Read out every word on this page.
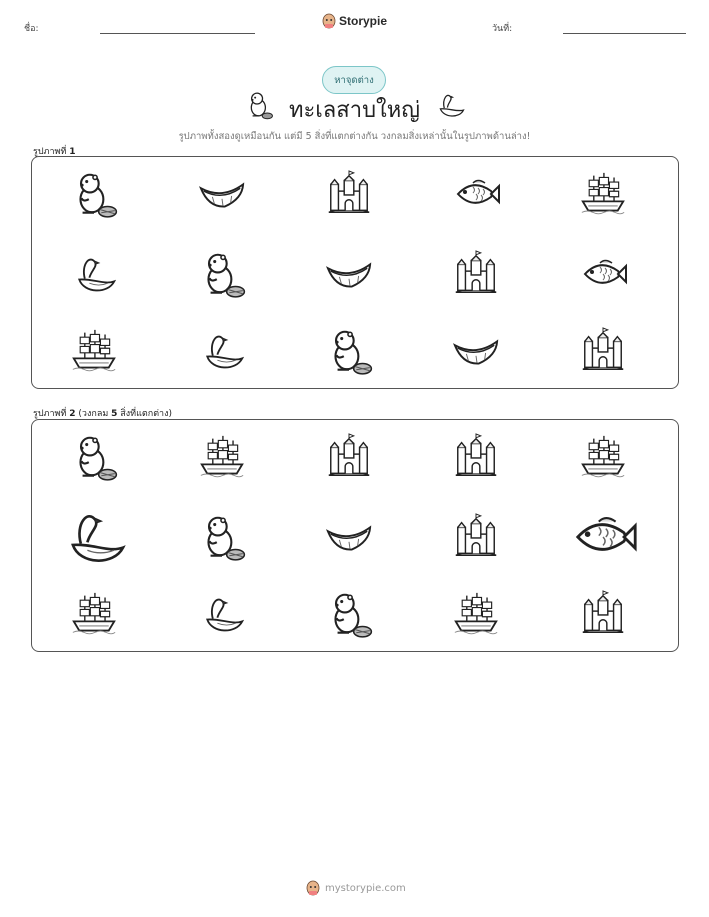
ชื่อ:
Storypie
วันที่:
หาจุดต่าง
ทะเลสาบใหญ่
รูปภาพทั้งสองดูเหมือนกัน แต่มี 5 สิ่งที่แตกต่างกัน วงกลมสิ่งเหล่านั้นในรูปภาพด้านล่าง!
รูปภาพที่ 1
รูปภาพที่ 2 (วงกลม 5 สิ่งที่แตกต่าง)
mystorypie.com
